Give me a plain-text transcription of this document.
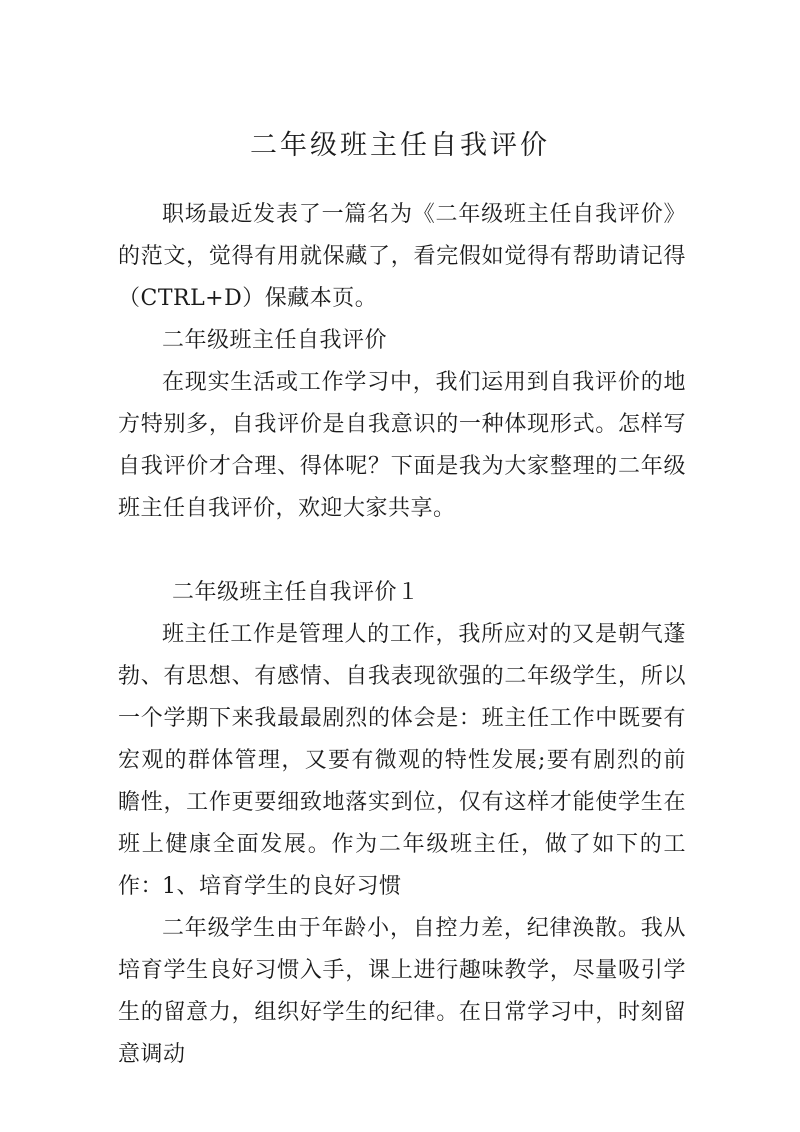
二年级班主任自我评价

职场最近发表了一篇名为《二年级班主任自我评价》的范文，觉得有用就保藏了，看完假如觉得有帮助请记得（CTRL+D）保藏本页。

二年级班主任自我评价

在现实生活或工作学习中，我们运用到自我评价的地方特别多，自我评价是自我意识的一种体现形式。怎样写自我评价才合理、得体呢？下面是我为大家整理的二年级班主任自我评价，欢迎大家共享。

二年级班主任自我评价１

班主任工作是管理人的工作，我所应对的又是朝气蓬勃、有思想、有感情、自我表现欲强的二年级学生，所以一个学期下来我最最剧烈的体会是：班主任工作中既要有宏观的群体管理，又要有微观的特性发展;要有剧烈的前瞻性，工作更要细致地落实到位，仅有这样才能使学生在班上健康全面发展。作为二年级班主任，做了如下的工作：

1、培育学生的良好习惯

二年级学生由于年龄小，自控力差，纪律涣散。我从培育学生良好习惯入手，课上进行趣味教学，尽量吸引学生的留意力，组织好学生的纪律。在日常学习中，时刻留意调动
